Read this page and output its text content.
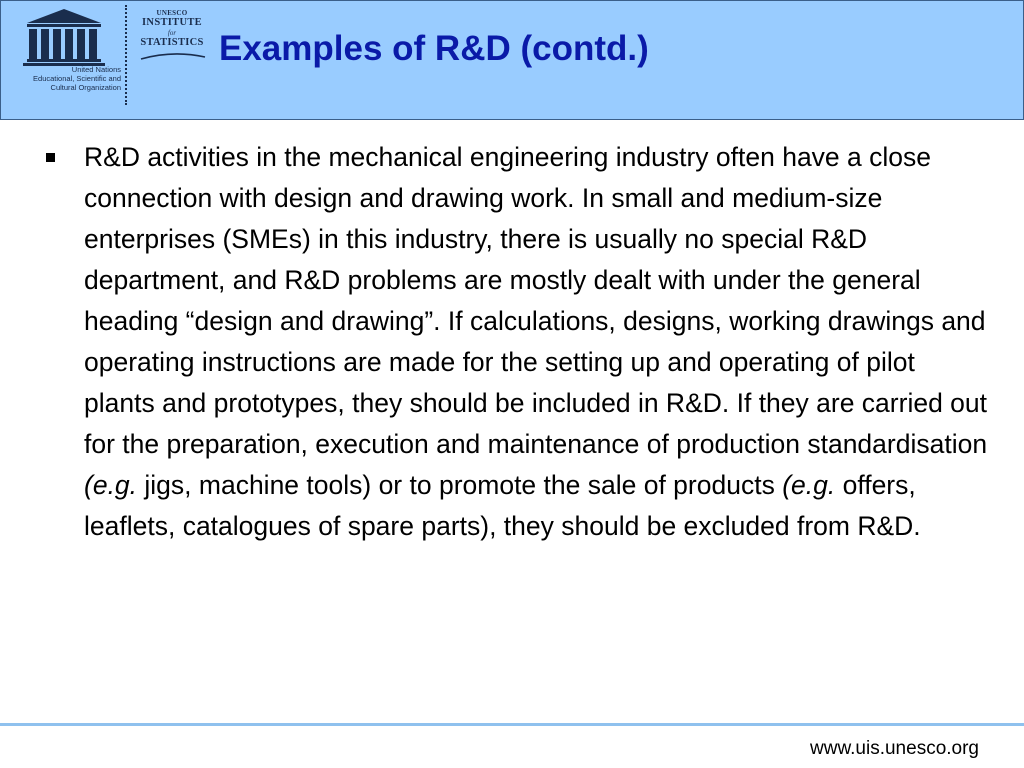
United Nations
Educational, Scientific and
Cultural Organization
UNESCO
INSTITUTE
for
STATISTICS Examples of R&D (contd.)
R&D activities in the mechanical engineering industry often have a close connection with design and drawing work. In small and medium-size enterprises (SMEs) in this industry, there is usually no special R&D department, and R&D problems are mostly dealt with under the general heading “design and drawing”. If calculations, designs, working drawings and operating instructions are made for the setting up and operating of pilot plants and prototypes, they should be included in R&D. If they are carried out for the preparation, execution and maintenance of production standardisation (e.g. jigs, machine tools) or to promote the sale of products (e.g. offers, leaflets, catalogues of spare parts), they should be excluded from R&D.
www.uis.unesco.org
